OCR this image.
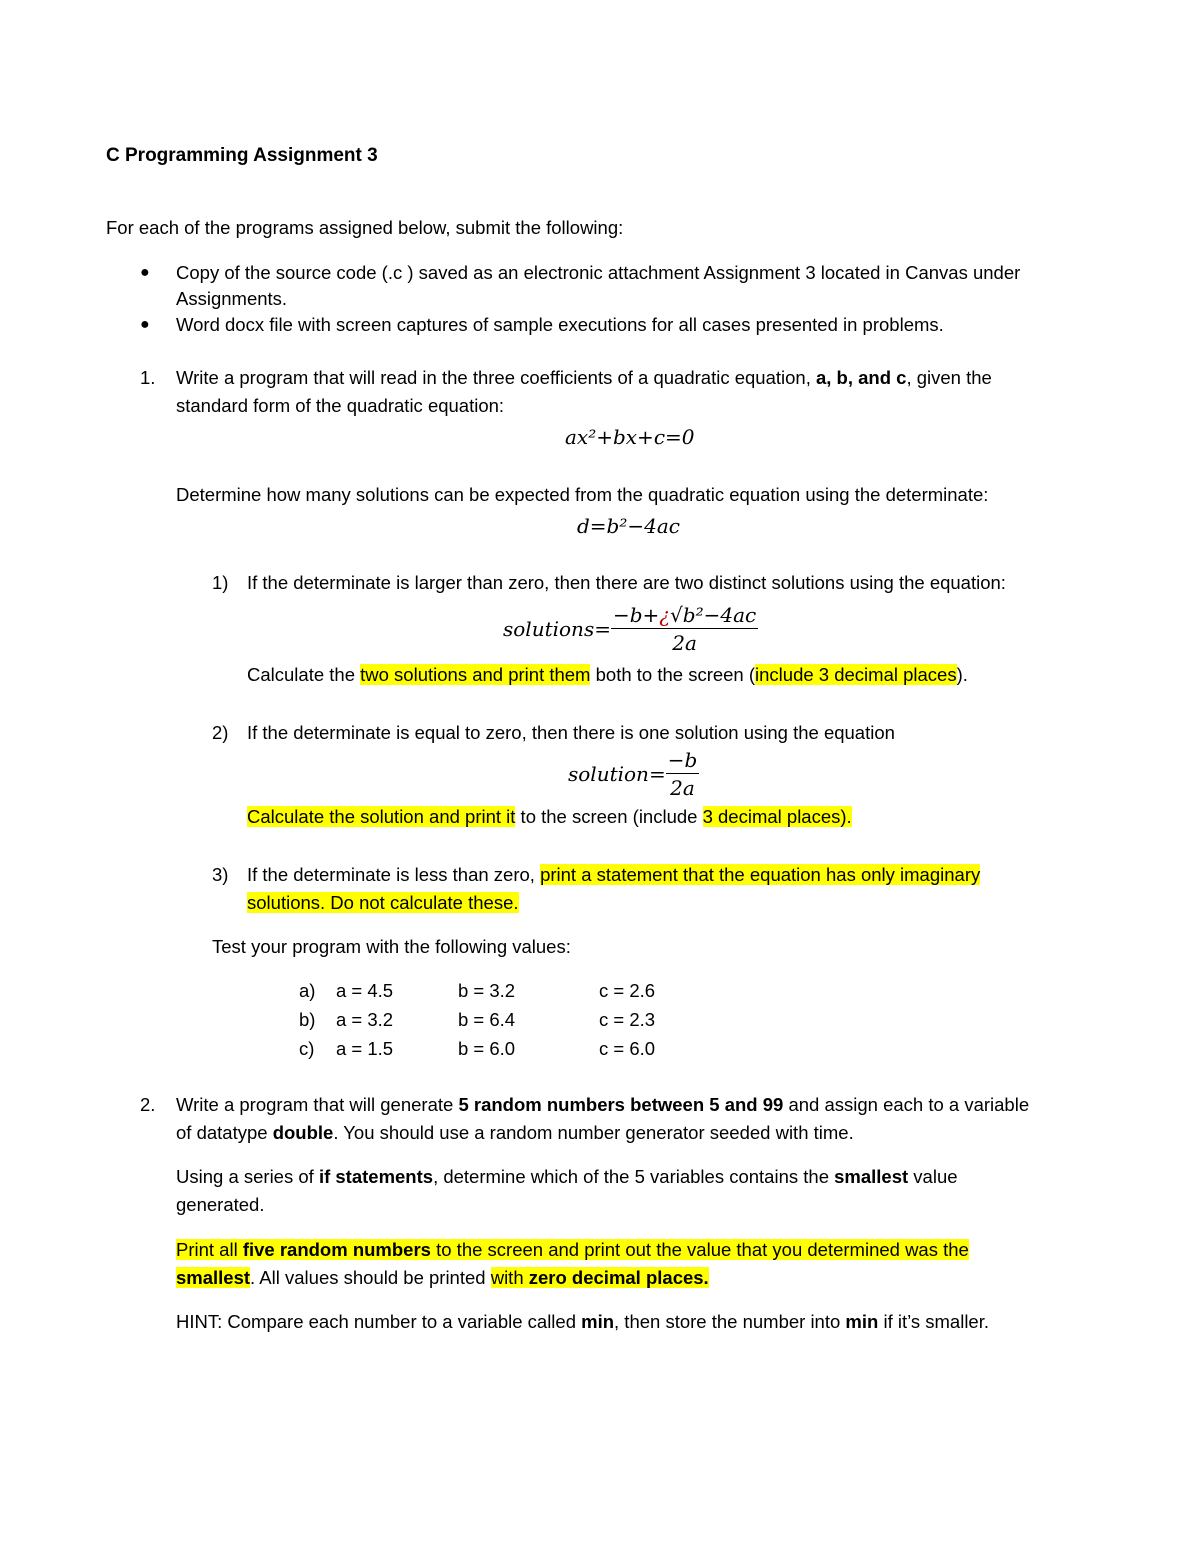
C Programming Assignment 3
For each of the programs assigned below, submit the following:
● Copy of the source code (.c ) saved as an electronic attachment Assignment 3 located in Canvas under
Assignments.
● Word docx file with screen captures of sample executions for all cases presented in problems.
1. Write a program that will read in the three coefficients of a quadratic equation, a, b, and c, given the
standard form of the quadratic equation:
ax²+bx+c=0
Determine how many solutions can be expected from the quadratic equation using the determinate:
d=b²−4ac
1) If the determinate is larger than zero, then there are two distinct solutions using the equation:
solutions= $\frac{\text{−b+¿√b²−4ac}}{2a}$
Calculate the two solutions and print them both to the screen (include 3 decimal places).
2) If the determinate is equal to zero, then there is one solution using the equation
solution= $\frac{-b}{2a}$
Calculate the solution and print it to the screen (include 3 decimal places).
3) If the determinate is less than zero, print a statement that the equation has only imaginary
solutions. Do not calculate these.
Test your program with the following values:
a) a = 4.5	b = 3.2	c = 2.6
b) a = 3.2	b = 6.4	c = 2.3
c) a = 1.5	b = 6.0	c = 6.0
2. Write a program that will generate 5 random numbers between 5 and 99 and assign each to a variable
of datatype double. You should use a random number generator seeded with time.
Using a series of if statements, determine which of the 5 variables contains the smallest value
generated.
Print all five random numbers to the screen and print out the value that you determined was the
smallest. All values should be printed with zero decimal places.
HINT: Compare each number to a variable called min, then store the number into min if it’s smaller.
